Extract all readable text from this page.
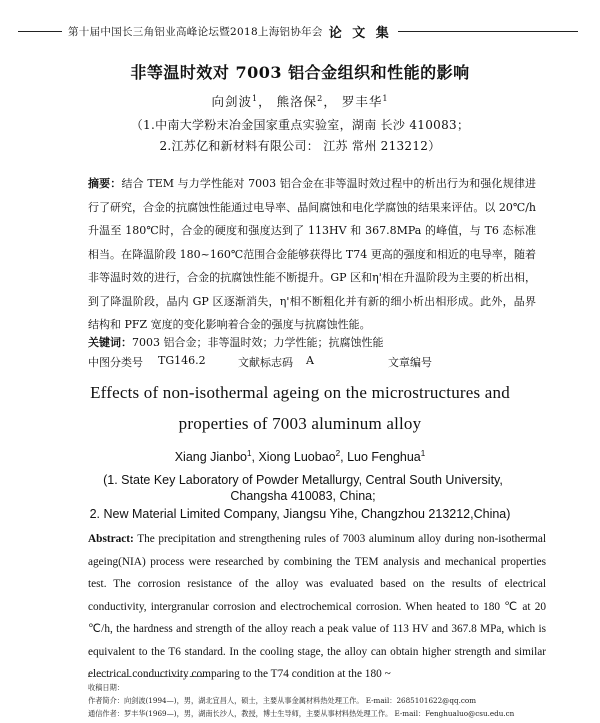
第十届中国长三角铝业高峰论坛暨2018上海铝协年会 论 文 集
非等温时效对 7003 铝合金组织和性能的影响
向剑波$^1$， 熊洛保$^2$， 罗丰华$^1$
（1.中南大学粉末冶金国家重点实验室，湖南 长沙 410083；
2.江苏亿和新材料有限公司： 江苏 常州 213212）
摘要：结合 TEM 与力学性能对 7003 铝合金在非等温时效过程中的析出行为和强化规律进行了研究，合金的抗腐蚀性能通过电导率、晶间腐蚀和电化学腐蚀的结果来评估。以 20℃/h 升温至 180℃时，合金的硬度和强度达到了 113HV 和 367.8MPa 的峰值，与 T6 态标准相当。在降温阶段 180~160℃范围合金能够获得比 T74 更高的强度和相近的电导率，随着非等温时效的进行，合金的抗腐蚀性能不断提升。GP 区和η'相在升温阶段为主要的析出相，到了降温阶段，晶内 GP 区逐渐消失，η'相不断粗化并有新的细小析出相形成。此外，晶界结构和 PFZ 宽度的变化影响着合金的强度与抗腐蚀性能。
关键词：7003 铝合金；非等温时效；力学性能；抗腐蚀性能
中图分类号 TG146.2	文献标志码 A	文章编号
Effects of non-isothermal ageing on the microstructures and
properties of 7003 aluminum alloy
Xiang Jianbo$^1$, Xiong Luobao$^2$, Luo Fenghua$^1$
(1. State Key Laboratory of Powder Metallurgy, Central South University, Changsha 410083, China;
2. New Material Limited Company, Jiangsu Yihe, Changzhou 213212,China)
Abstract: The precipitation and strengthening rules of 7003 aluminum alloy during non-isothermal ageing(NIA) process were researched by combining the TEM analysis and mechanical properties test. The corrosion resistance of the alloy was evaluated based on the results of electrical conductivity, intergranular corrosion and electrochemical corrosion. When heated to 180 ℃ at 20 ℃/h, the hardness and strength of the alloy reach a peak value of 113 HV and 367.8 MPa, which is equivalent to the T6 standard. In the cooling stage, the alloy can obtain higher strength and similar electrical conductivity comparing to the T74 condition at the 180 ~
收稿日期：
作者简介：向剑波(1994—)，男，湖北宜昌人，硕士，主要从事金属材料热处理工作。 E-mail：2685101622@qq.com
通信作者：罗丰华(1969—)，男，湖南长沙人，教授，博士生导师，主要从事材料热处理工作。 E-mail：Fenghualuo@csu.edu.cn
